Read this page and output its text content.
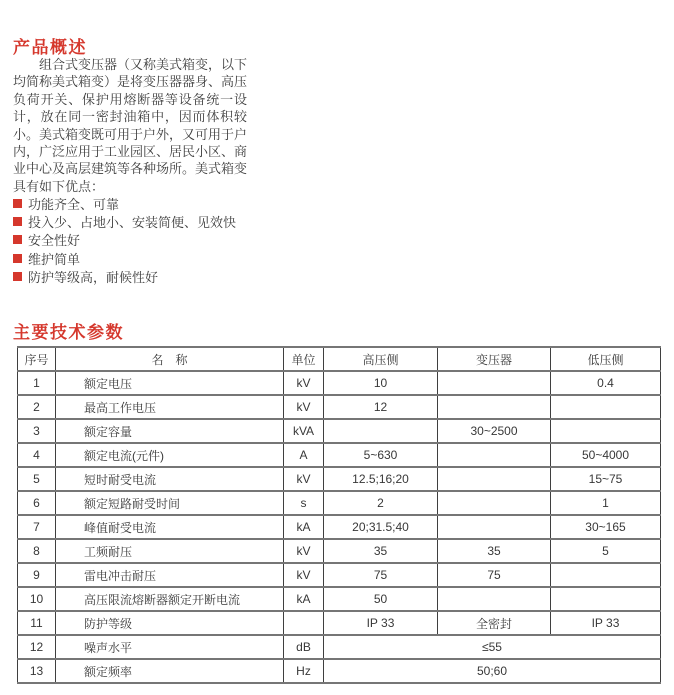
产品概述
组合式变压器（又称美式箱变，以下均简称美式箱变）是将变压器器身、高压负荷开关、保护用熔断器等设备统一设计，放在同一密封油箱中，因而体积较小。美式箱变既可用于户外，又可用于户内，广泛应用于工业园区、居民小区、商业中心及高层建筑等各种场所。美式箱变具有如下优点：
功能齐全、可靠
投入少、占地小、安装简便、见效快
安全性好
维护简单
防护等级高，耐候性好
主要技术参数
序号	名　称	单位	高压侧	变压器	低压侧
1	额定电压	kV	10		0.4
2	最高工作电压	kV	12		
3	额定容量	kVA		30~2500	
4	额定电流(元件)	A	5~630		50~4000
5	短时耐受电流	kV	12.5;16;20		15~75
6	额定短路耐受时间	s	2		1
7	峰值耐受电流	kA	20;31.5;40		30~165
8	工频耐压	kV	35	35	5
9	雷电冲击耐压	kV	75	75	
10	高压限流熔断器额定开断电流	kA	50		
11	防护等级		IP 33	全密封	IP 33
12	噪声水平	dB	≤55		
13	额定频率	Hz	50;60		
